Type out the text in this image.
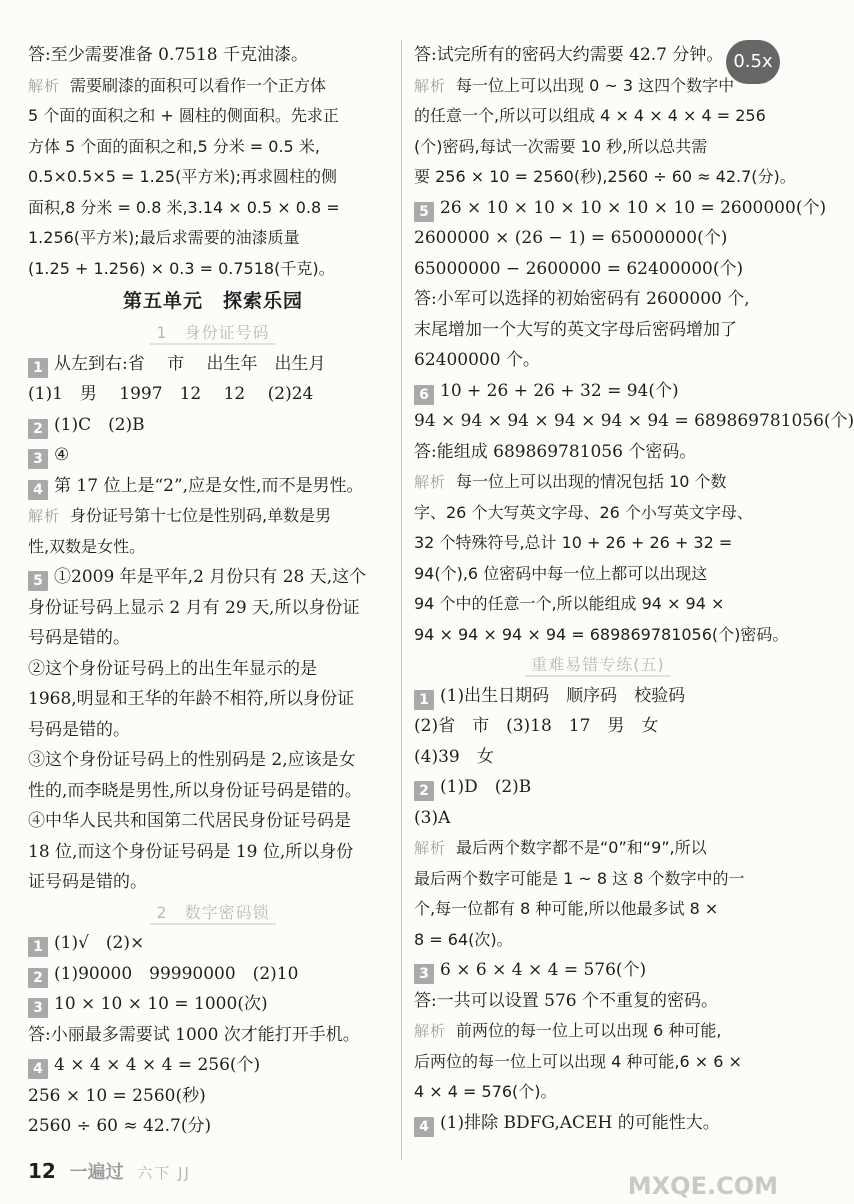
答:至少需要准备 0.7518 千克油漆。
解析 需要刷漆的面积可以看作一个正方体
5 个面的面积之和 + 圆柱的侧面积。先求正
方体 5 个面的面积之和,5 分米 = 0.5 米,
0.5×0.5×5 = 1.25(平方米);再求圆柱的侧
面积,8 分米 = 0.8 米,3.14 × 0.5 × 0.8 =
1.256(平方米);最后求需要的油漆质量
(1.25 + 1.256) × 0.3 = 0.7518(千克)。
第五单元 探索乐园
1　身份证号码
1 从左到右:省　 市　 出生年　出生月
(1)1　男　 1997　12　 12　 (2)24
2 (1)C　(2)B
3 ④
4 第 17 位上是“2”,应是女性,而不是男性。
解析 身份证号第十七位是性别码,单数是男
性,双数是女性。
5 ①2009 年是平年,2 月份只有 28 天,这个
身份证号码上显示 2 月有 29 天,所以身份证
号码是错的。
②这个身份证号码上的出生年显示的是
1968,明显和王华的年龄不相符,所以身份证
号码是错的。
③这个身份证号码上的性别码是 2,应该是女
性的,而李晓是男性,所以身份证号码是错的。
④中华人民共和国第二代居民身份证号码是
18 位,而这个身份证号码是 19 位,所以身份
证号码是错的。
2　数字密码锁
1 (1)√　(2)×
2 (1)90000　99990000　(2)10
3 10 × 10 × 10 = 1000(次)
答:小丽最多需要试 1000 次才能打开手机。
4 4 × 4 × 4 × 4 = 256(个)
256 × 10 = 2560(秒)
2560 ÷ 60 ≈ 42.7(分)
答:试完所有的密码大约需要 42.7 分钟。
解析 每一位上可以出现 0 ~ 3 这四个数字中
的任意一个,所以可以组成 4 × 4 × 4 × 4 = 256
(个)密码,每试一次需要 10 秒,所以总共需
要 256 × 10 = 2560(秒),2560 ÷ 60 ≈ 42.7(分)。
5 26 × 10 × 10 × 10 × 10 × 10 = 2600000(个)
2600000 × (26 − 1) = 65000000(个)
65000000 − 2600000 = 62400000(个)
答:小军可以选择的初始密码有 2600000 个,
末尾增加一个大写的英文字母后密码增加了
62400000 个。
6 10 + 26 + 26 + 32 = 94(个)
94 × 94 × 94 × 94 × 94 × 94 = 689869781056(个)
答:能组成 689869781056 个密码。
解析 每一位上可以出现的情况包括 10 个数
字、26 个大写英文字母、26 个小写英文字母、
32 个特殊符号,总计 10 + 26 + 26 + 32 =
94(个),6 位密码中每一位上都可以出现这
94 个中的任意一个,所以能组成 94 × 94 ×
94 × 94 × 94 × 94 = 689869781056(个)密码。
重难易错专练(五)
1 (1)出生日期码　顺序码　校验码
(2)省　市　(3)18　17　男　女
(4)39　女
2 (1)D　(2)B
(3)A
解析 最后两个数字都不是“0”和“9”,所以
最后两个数字可能是 1 ~ 8 这 8 个数字中的一
个,每一位都有 8 种可能,所以他最多试 8 ×
8 = 64(次)。
3 6 × 6 × 4 × 4 = 576(个)
答:一共可以设置 576 个不重复的密码。
解析 前两位的每一位上可以出现 6 种可能,
后两位的每一位上可以出现 4 种可能,6 × 6 ×
4 × 4 = 576(个)。
4 (1)排除 BDFG,ACEH 的可能性大。
0.5x
12 一遍过 六下 JJ	MXQE.COM
